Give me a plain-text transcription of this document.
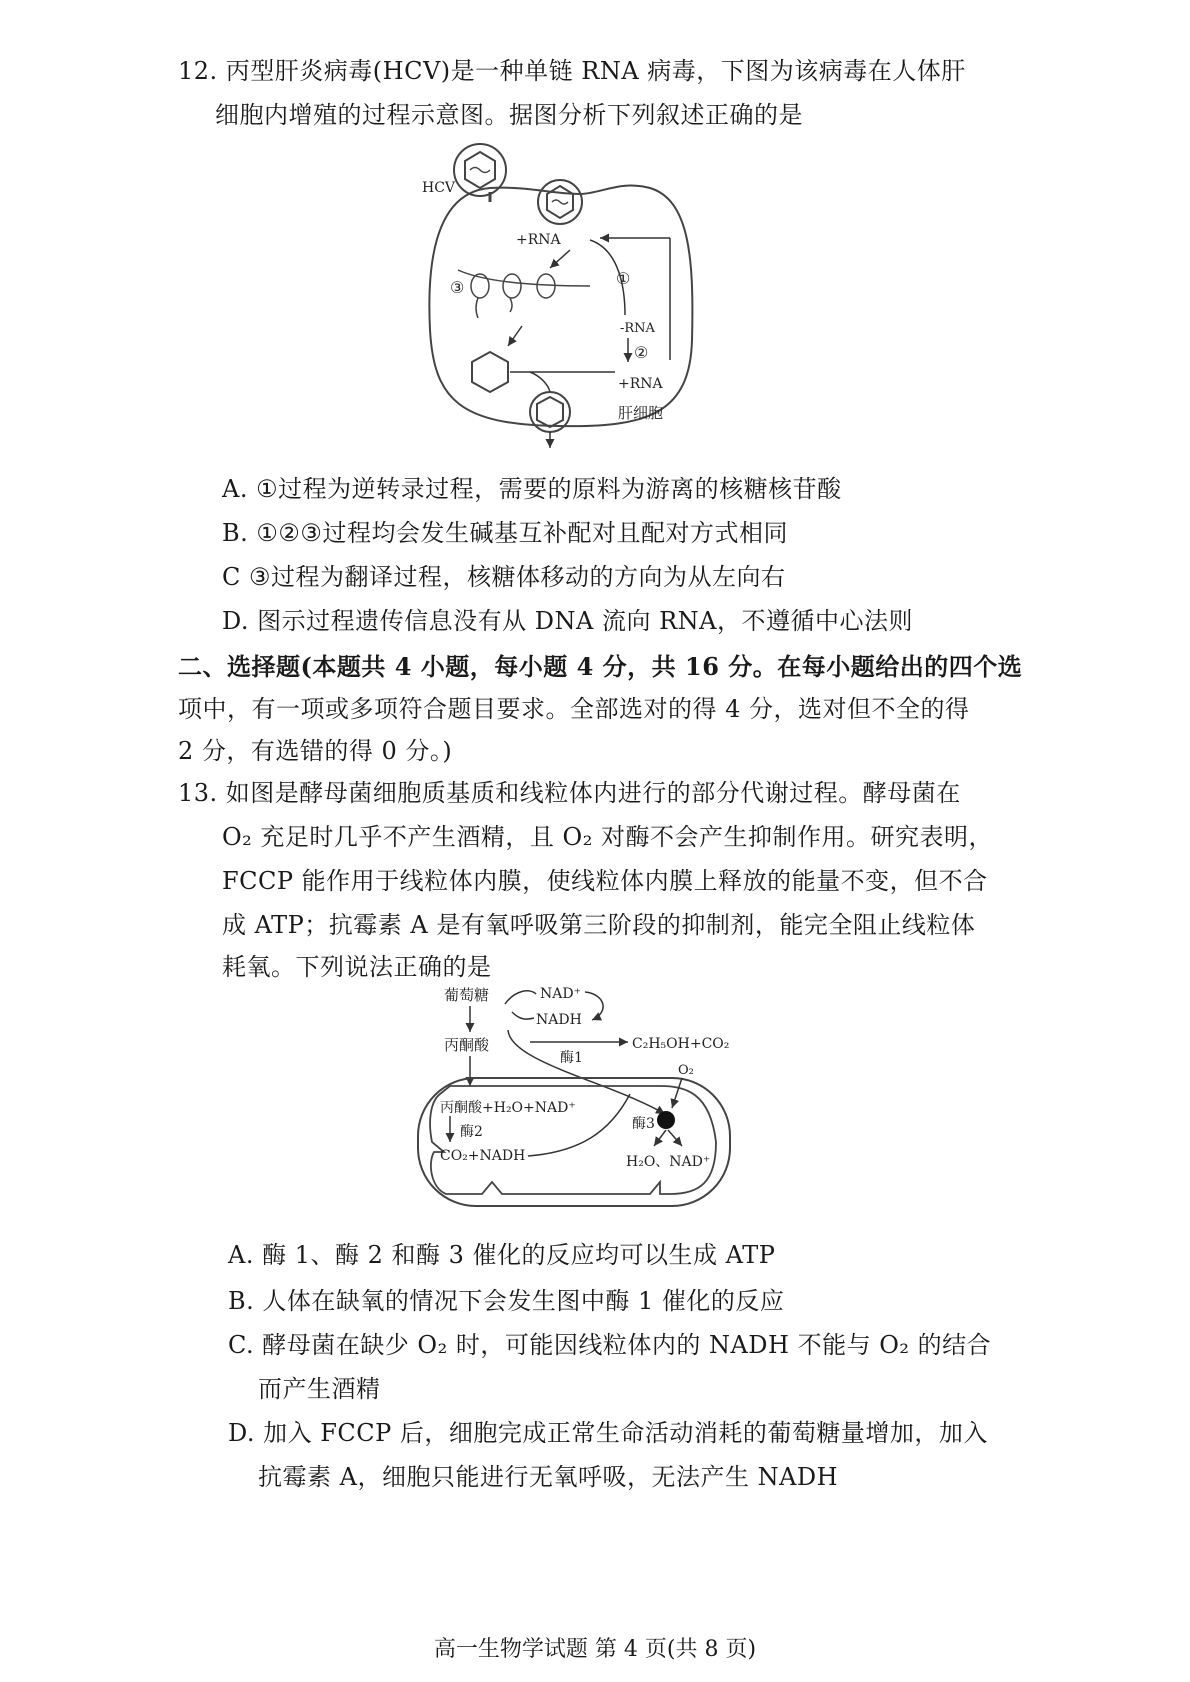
12. 丙型肝炎病毒(HCV)是一种单链 RNA 病毒，下图为该病毒在人体肝
细胞内增殖的过程示意图。据图分析下列叙述正确的是
HCV
+RNA
①
-RNA
②
+RNA
肝细胞
③
A. ①过程为逆转录过程，需要的原料为游离的核糖核苷酸
B. ①②③过程均会发生碱基互补配对且配对方式相同
C ③过程为翻译过程，核糖体移动的方向为从左向右
D. 图示过程遗传信息没有从 DNA 流向 RNA，不遵循中心法则
二、选择题(本题共 4 小题，每小题 4 分，共 16 分。在每小题给出的四个选
项中，有一项或多项符合题目要求。全部选对的得 4 分，选对但不全的得
2 分，有选错的得 0 分。)
13. 如图是酵母菌细胞质基质和线粒体内进行的部分代谢过程。酵母菌在
O₂ 充足时几乎不产生酒精，且 O₂ 对酶不会产生抑制作用。研究表明，
FCCP 能作用于线粒体内膜，使线粒体内膜上释放的能量不变，但不合
成 ATP；抗霉素 A 是有氧呼吸第三阶段的抑制剂，能完全阻止线粒体
耗氧。下列说法正确的是
葡萄糖
丙酮酸
NAD⁺
NADH
酶1
C₂H₅OH+CO₂
丙酮酸+H₂O+NAD⁺
酶2
CO₂+NADH
O₂
酶3
H₂O、NAD⁺
A. 酶 1、酶 2 和酶 3 催化的反应均可以生成 ATP
B. 人体在缺氧的情况下会发生图中酶 1 催化的反应
C. 酵母菌在缺少 O₂ 时，可能因线粒体内的 NADH 不能与 O₂ 的结合
而产生酒精
D. 加入 FCCP 后，细胞完成正常生命活动消耗的葡萄糖量增加，加入
抗霉素 A，细胞只能进行无氧呼吸，无法产生 NADH
高一生物学试题 第 4 页(共 8 页)
